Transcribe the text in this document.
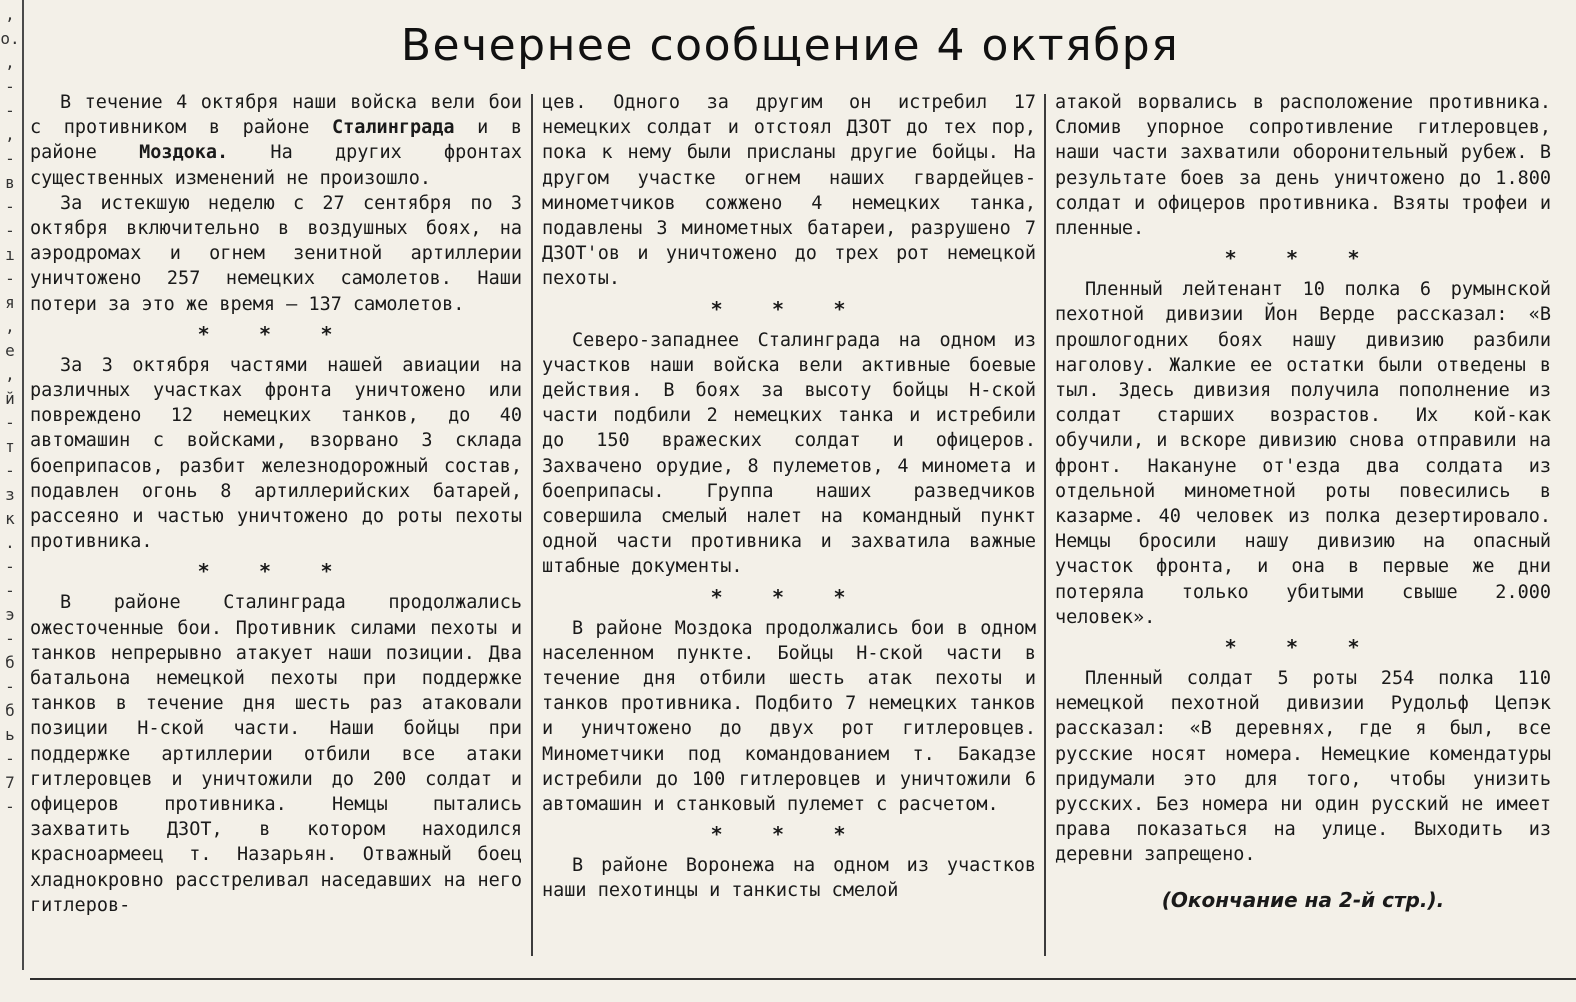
,
о.
,
-
-
,
-
в
-
-
ı
-
я
,
е
,
й
-
т
-
з
к
.
-
-
э
-
б
-
б
ь
-
7
-
Вечернее сообщение 4 октября

В течение 4 октября наши войска вели бои с противником в районе Сталинграда и в районе Моздока. На других фронтах существенных изменений не произошло.

За истекшую неделю с 27 сентября по 3 октября включительно в воздушных боях, на аэродромах и огнем зенитной артиллерии уничтожено 257 немецких самолетов. Наши потери за это же время — 137 самолетов.

* * *

За 3 октября частями нашей авиации на различных участках фронта уничтожено или повреждено 12 немецких танков, до 40 автомашин с войсками, взорвано 3 склада боеприпасов, разбит железнодорожный состав, подавлен огонь 8 артиллерийских батарей, рассеяно и частью уничтожено до роты пехоты противника.

* * *

В районе Сталинграда продолжались ожесточенные бои. Противник силами пехоты и танков непрерывно атакует наши позиции. Два батальона немецкой пехоты при поддержке танков в течение дня шесть раз атаковали позиции Н-ской части. Наши бойцы при поддержке артиллерии отбили все атаки гитлеровцев и уничтожили до 200 солдат и офицеров противника. Немцы пытались захватить ДЗОТ, в котором находился красноармеец т. Назарьян. Отважный боец хладнокровно расстреливал наседавших на него гитлеров-

цев. Одного за другим он истребил 17 немецких солдат и отстоял ДЗОТ до тех пор, пока к нему были присланы другие бойцы. На другом участке огнем наших гвардейцев-минометчиков сожжено 4 немецких танка, подавлены 3 минометных батареи, разрушено 7 ДЗОТ'ов и уничтожено до трех рот немецкой пехоты.

* * *

Северо-западнее Сталинграда на одном из участков наши войска вели активные боевые действия. В боях за высоту бойцы Н-ской части подбили 2 немецких танка и истребили до 150 вражеских солдат и офицеров. Захвачено орудие, 8 пулеметов, 4 миномета и боеприпасы. Группа наших разведчиков совершила смелый налет на командный пункт одной части противника и захватила важные штабные документы.

* * *

В районе Моздока продолжались бои в одном населенном пункте. Бойцы Н-ской части в течение дня отбили шесть атак пехоты и танков противника. Подбито 7 немецких танков и уничтожено до двух рот гитлеровцев. Минометчики под командованием т. Бакадзе истребили до 100 гитлеровцев и уничтожили 6 автомашин и станковый пулемет с расчетом.

* * *

В районе Воронежа на одном из участков наши пехотинцы и танкисты смелой

атакой ворвались в расположение противника. Сломив упорное сопротивление гитлеровцев, наши части захватили оборонительный рубеж. В результате боев за день уничтожено до 1.800 солдат и офицеров противника. Взяты трофеи и пленные.

* * *

Пленный лейтенант 10 полка 6 румынской пехотной дивизии Йон Верде рассказал: «В прошлогодних боях нашу дивизию разбили наголову. Жалкие ее остатки были отведены в тыл. Здесь дивизия получила пополнение из солдат старших возрастов. Их кой-как обучили, и вскоре дивизию снова отправили на фронт. Накануне от'езда два солдата из отдельной минометной роты повесились в казарме. 40 человек из полка дезертировало. Немцы бросили нашу дивизию на опасный участок фронта, и она в первые же дни потеряла только убитыми свыше 2.000 человек».

* * *

Пленный солдат 5 роты 254 полка 110 немецкой пехотной дивизии Рудольф Цепэк рассказал: «В деревнях, где я был, все русские носят номера. Немецкие комендатуры придумали это для того, чтобы унизить русских. Без номера ни один русский не имеет права показаться на улице. Выходить из деревни запрещено.

(Окончание на 2-й стр.).
